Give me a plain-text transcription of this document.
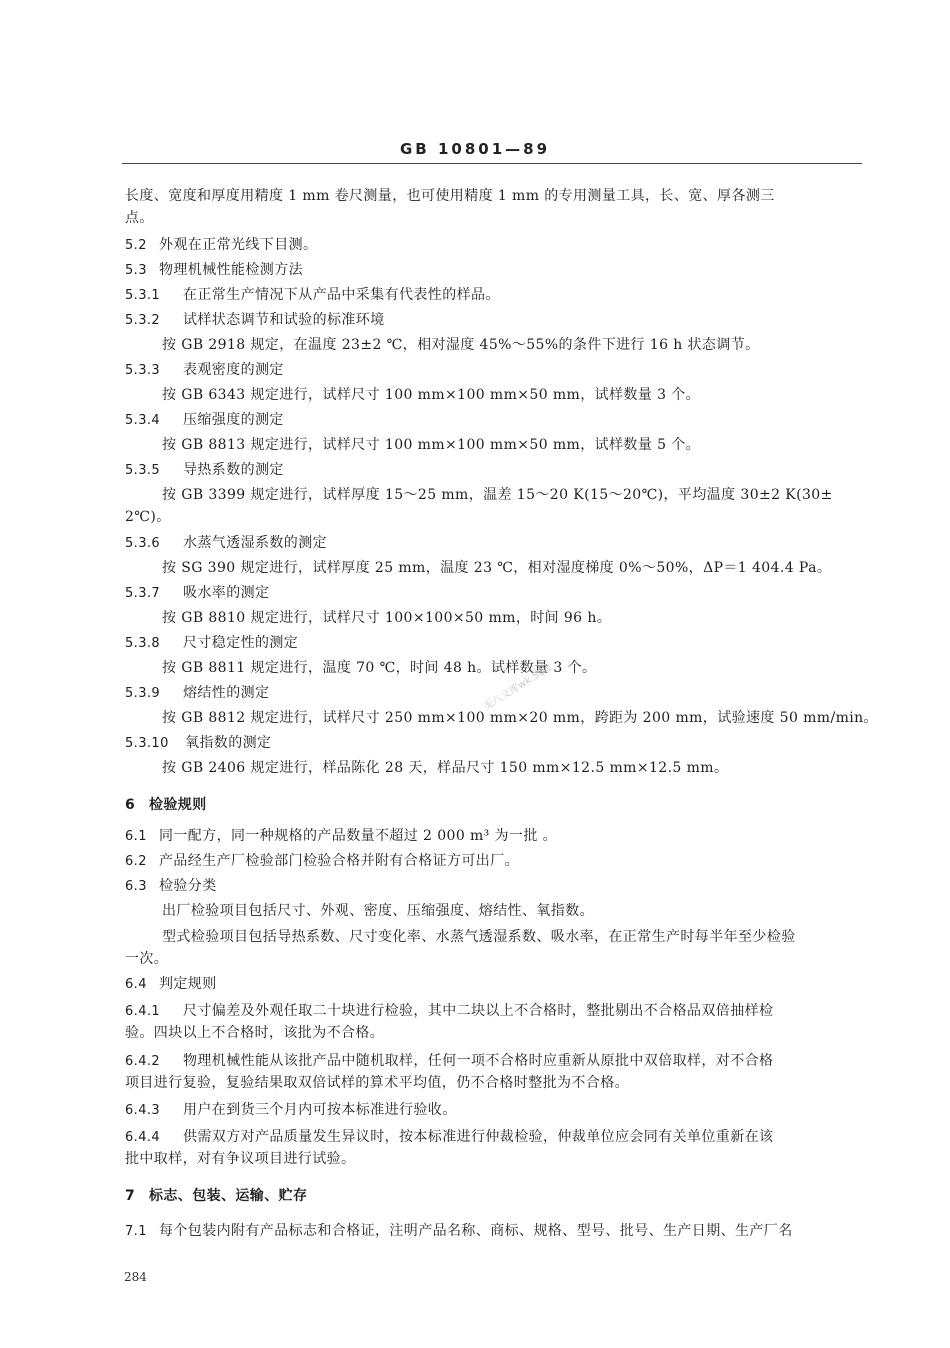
GB 10801—89
长度、宽度和厚度用精度 1 mm 卷尺测量，也可使用精度 1 mm 的专用测量工具，长、宽、厚各测三
点。
5.2 外观在正常光线下目测。
5.3 物理机械性能检测方法
5.3.1 在正常生产情况下从产品中采集有代表性的样品。
5.3.2 试样状态调节和试验的标准环境
按 GB 2918 规定，在温度 23±2 ℃，相对湿度 45%～55%的条件下进行 16 h 状态调节。
5.3.3 表观密度的测定
按 GB 6343 规定进行，试样尺寸 100 mm×100 mm×50 mm，试样数量 3 个。
5.3.4 压缩强度的测定
按 GB 8813 规定进行，试样尺寸 100 mm×100 mm×50 mm，试样数量 5 个。
5.3.5 导热系数的测定
按 GB 3399 规定进行，试样厚度 15～25 mm，温差 15～20 K(15～20℃)，平均温度 30±2 K(30±
2℃)。
5.3.6 水蒸气透湿系数的测定
按 SG 390 规定进行，试样厚度 25 mm，温度 23 ℃，相对湿度梯度 0%～50%，ΔP＝1 404.4 Pa。
5.3.7 吸水率的测定
按 GB 8810 规定进行，试样尺寸 100×100×50 mm，时间 96 h。
5.3.8 尺寸稳定性的测定
按 GB 8811 规定进行，温度 70 ℃，时间 48 h。试样数量 3 个。
5.3.9 熔结性的测定
按 GB 8812 规定进行，试样尺寸 250 mm×100 mm×20 mm，跨距为 200 mm，试验速度 50 mm/min。
5.3.10 氧指数的测定
按 GB 2406 规定进行，样品陈化 28 天，样品尺寸 150 mm×12.5 mm×12.5 mm。
6 检验规则
6.1 同一配方，同一种规格的产品数量不超过 2 000 m³ 为一批 。
6.2 产品经生产厂检验部门检验合格并附有合格证方可出厂。
6.3 检验分类
出厂检验项目包括尺寸、外观、密度、压缩强度、熔结性、氧指数。
型式检验项目包括导热系数、尺寸变化率、水蒸气透湿系数、吸水率，在正常生产时每半年至少检验
一次。
6.4 判定规则
6.4.1 尺寸偏差及外观任取二十块进行检验，其中二块以上不合格时，整批剔出不合格品双倍抽样检
验。四块以上不合格时，该批为不合格。
6.4.2 物理机械性能从该批产品中随机取样，任何一项不合格时应重新从原批中双倍取样，对不合格
项目进行复验，复验结果取双倍试样的算术平均值，仍不合格时整批为不合格。
6.4.3 用户在到货三个月内可按本标准进行验收。
6.4.4 供需双方对产品质量发生异议时，按本标准进行仲裁检验，仲裁单位应会同有关单位重新在该
批中取样，对有争议项目进行试验。
7 标志、包装、运输、贮存
7.1 每个包装内附有产品标志和合格证，注明产品名称、商标、规格、型号、批号、生产日期、生产厂名
无八文库wk.58.c
284
